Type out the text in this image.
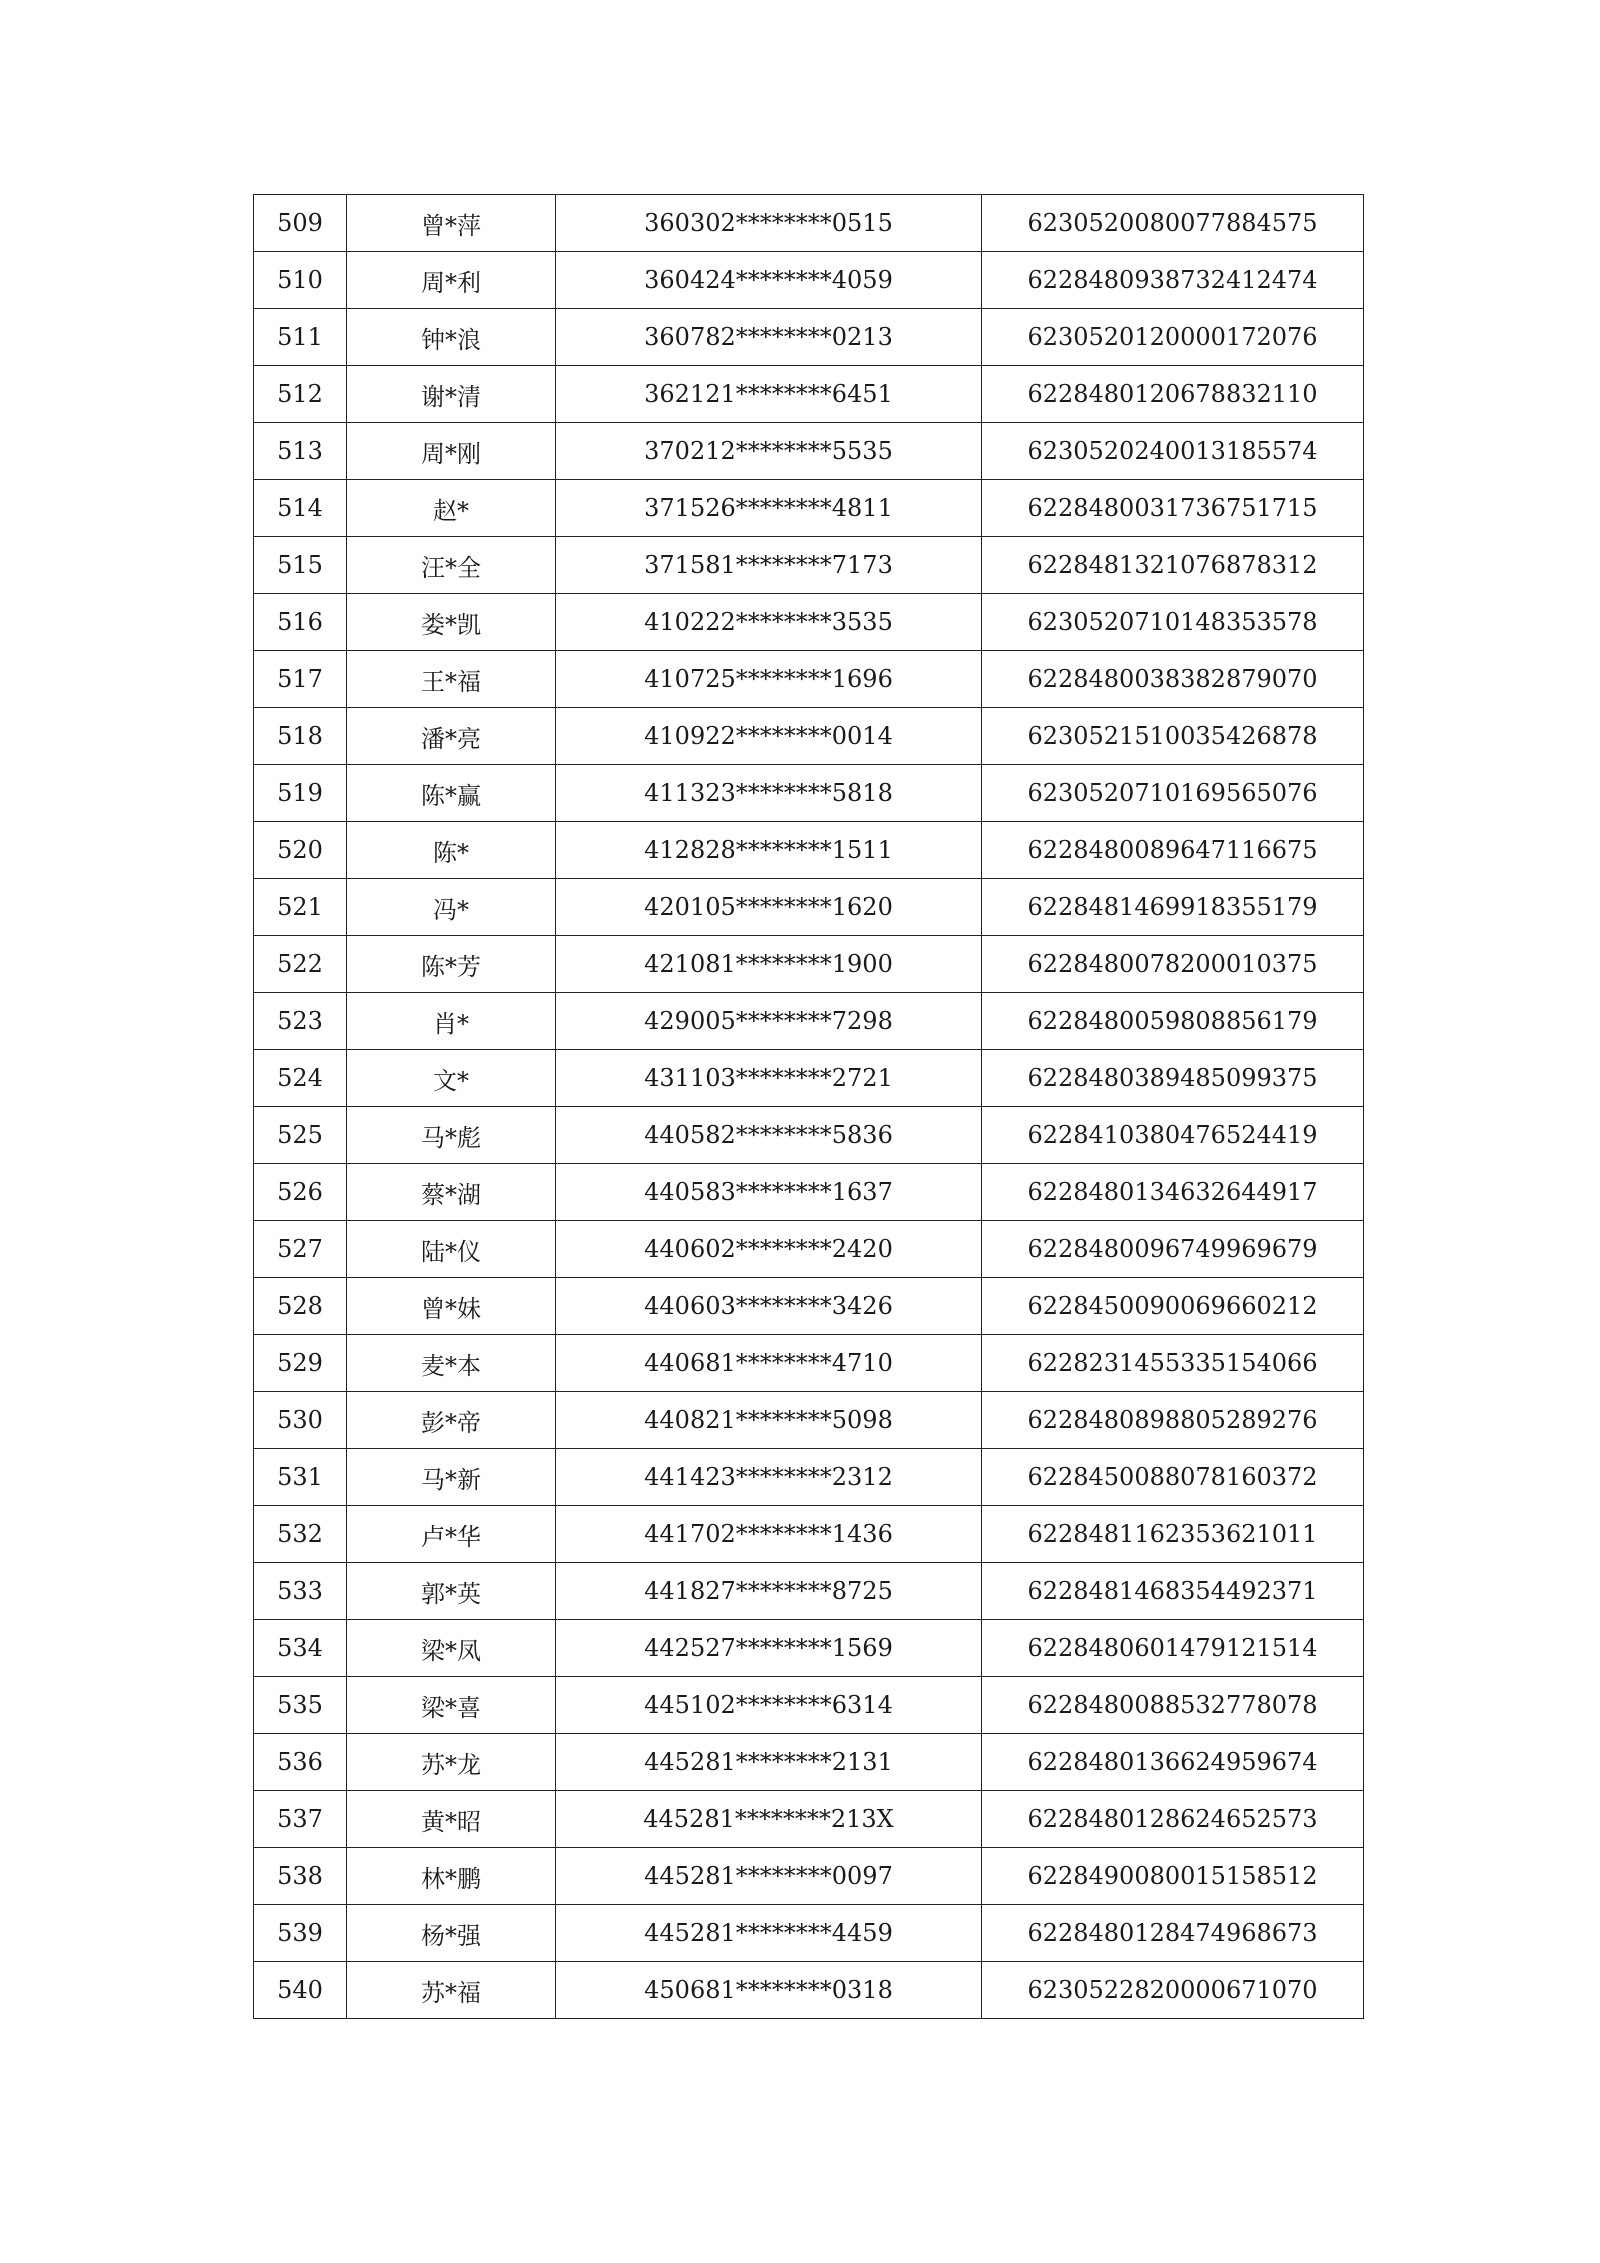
509	曾*萍	360302********0515	6230520080077884575
510	周*利	360424********4059	6228480938732412474
511	钟*浪	360782********0213	6230520120000172076
512	谢*清	362121********6451	6228480120678832110
513	周*刚	370212********5535	6230520240013185574
514	赵*	371526********4811	6228480031736751715
515	汪*全	371581********7173	6228481321076878312
516	娄*凯	410222********3535	6230520710148353578
517	王*福	410725********1696	6228480038382879070
518	潘*亮	410922********0014	6230521510035426878
519	陈*赢	411323********5818	6230520710169565076
520	陈*	412828********1511	6228480089647116675
521	冯*	420105********1620	6228481469918355179
522	陈*芳	421081********1900	6228480078200010375
523	肖*	429005********7298	6228480059808856179
524	文*	431103********2721	6228480389485099375
525	马*彪	440582********5836	6228410380476524419
526	蔡*湖	440583********1637	6228480134632644917
527	陆*仪	440602********2420	6228480096749969679
528	曾*妹	440603********3426	6228450090069660212
529	麦*本	440681********4710	6228231455335154066
530	彭*帝	440821********5098	6228480898805289276
531	马*新	441423********2312	6228450088078160372
532	卢*华	441702********1436	6228481162353621011
533	郭*英	441827********8725	6228481468354492371
534	梁*凤	442527********1569	6228480601479121514
535	梁*喜	445102********6314	6228480088532778078
536	苏*龙	445281********2131	6228480136624959674
537	黄*昭	445281********213X	6228480128624652573
538	林*鹏	445281********0097	6228490080015158512
539	杨*强	445281********4459	6228480128474968673
540	苏*福	450681********0318	6230522820000671070
